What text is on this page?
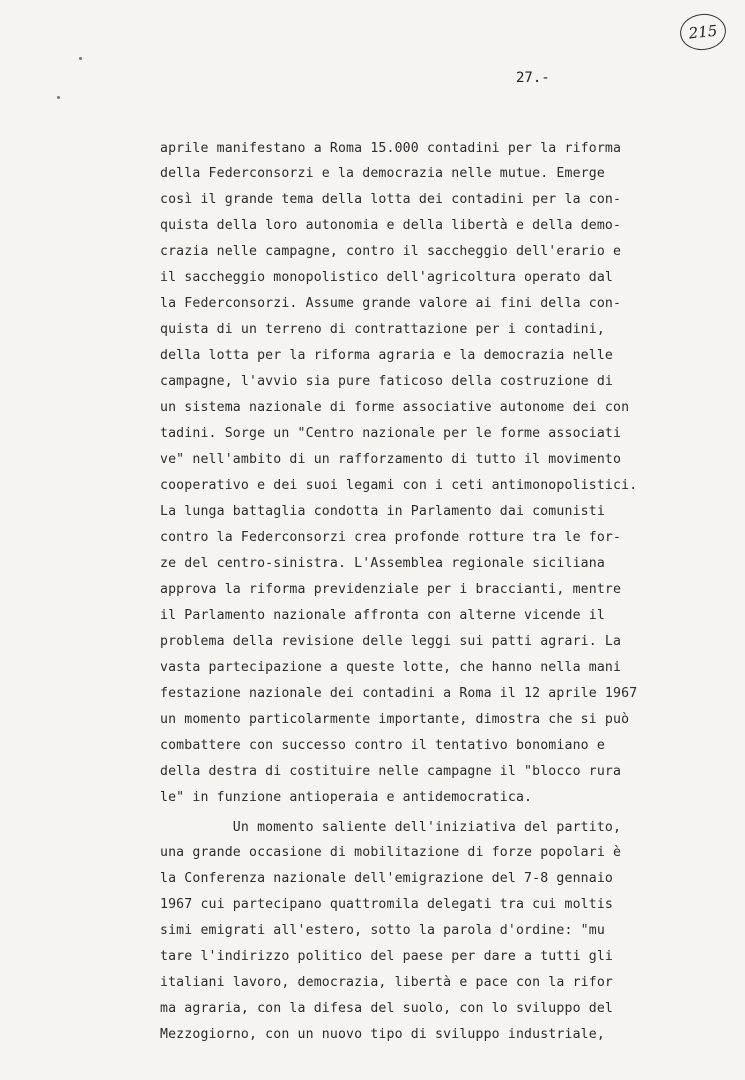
215
27.-
aprile manifestano a Roma 15.000 contadini per la riforma
della Federconsorzi e la democrazia nelle mutue. Emerge
così il grande tema della lotta dei contadini per la con-
quista della loro autonomia e della libertà e della demo-
crazia nelle campagne, contro il saccheggio dell'erario e
il saccheggio monopolistico dell'agricoltura operato dal
la Federconsorzi. Assume grande valore ai fini della con-
quista di un terreno di contrattazione per i contadini,
della lotta per la riforma agraria e la democrazia nelle
campagne, l'avvio sia pure faticoso della costruzione di
un sistema nazionale di forme associative autonome dei con
tadini. Sorge un "Centro nazionale per le forme associati
ve" nell'ambito di un rafforzamento di tutto il movimento
cooperativo e dei suoi legami con i ceti antimonopolistici.
La lunga battaglia condotta in Parlamento dai comunisti
contro la Federconsorzi crea profonde rotture tra le for-
ze del centro-sinistra. L'Assemblea regionale siciliana
approva la riforma previdenziale per i braccianti, mentre
il Parlamento nazionale affronta con alterne vicende il
problema della revisione delle leggi sui patti agrari. La
vasta partecipazione a queste lotte, che hanno nella mani
festazione nazionale dei contadini a Roma il 12 aprile 1967
un momento particolarmente importante, dimostra che si può
combattere con successo contro il tentativo bonomiano e
della destra di costituire nelle campagne il "blocco rura
le" in funzione antioperaia e antidemocratica.
Un momento saliente dell'iniziativa del partito,
una grande occasione di mobilitazione di forze popolari è
la Conferenza nazionale dell'emigrazione del 7-8 gennaio
1967 cui partecipano quattromila delegati tra cui moltis
simi emigrati all'estero, sotto la parola d'ordine: "mu
tare l'indirizzo politico del paese per dare a tutti gli
italiani lavoro, democrazia, libertà e pace con la rifor
ma agraria, con la difesa del suolo, con lo sviluppo del
Mezzogiorno, con un nuovo tipo di sviluppo industriale,
